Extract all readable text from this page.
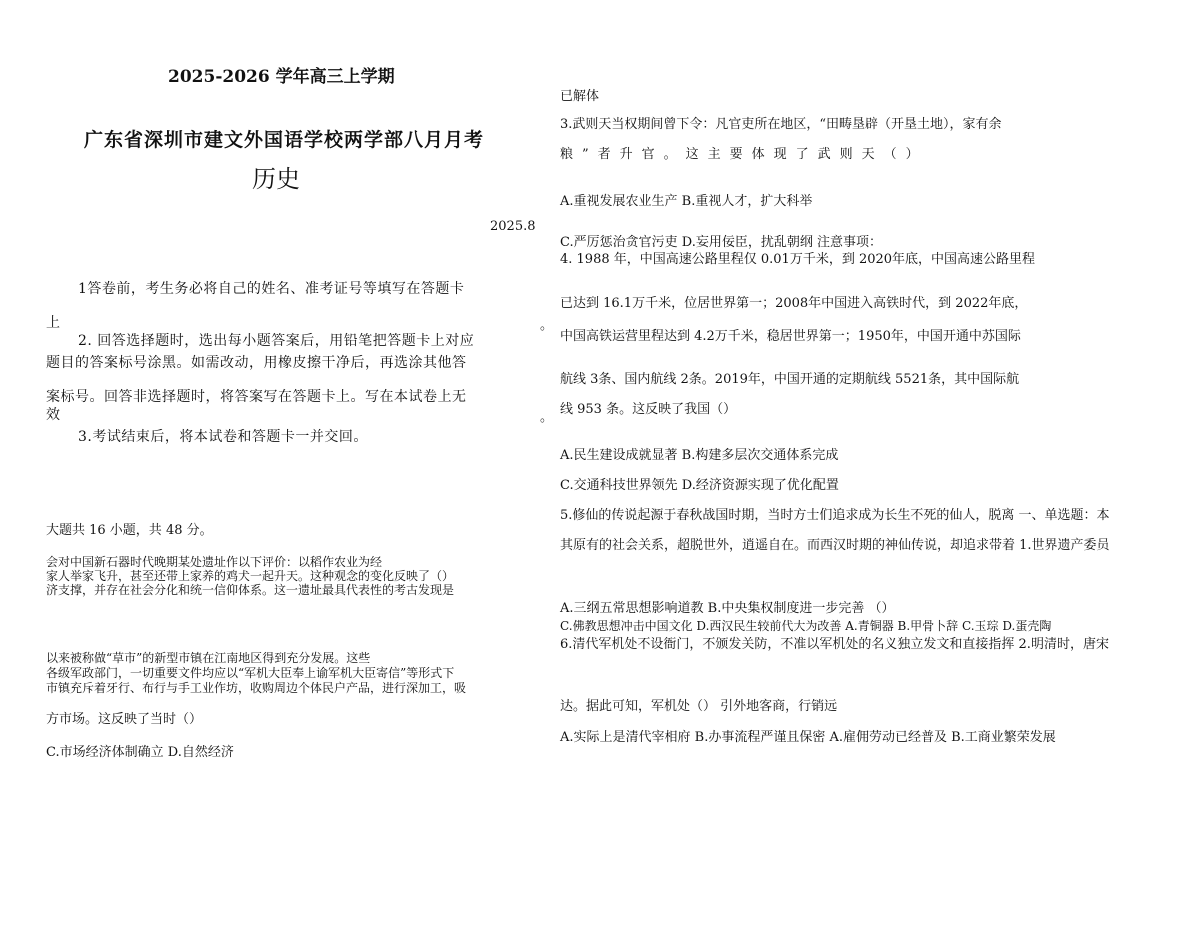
2025-2026 学年高三上学期
广东省深圳市建文外国语学校两学部八月月考
历史
2025.8
1答卷前，考生务必将自己的姓名、准考证号等填写在答题卡
上	。
2. 回答选择题时，选出每小题答案后，用铅笔把答题卡上对应
题目的答案标号涂黑。如需改动，用橡皮擦干净后，再选涂其他答
案标号。回答非选择题时，将答案写在答题卡上。写在本试卷上无
效	。
3.考试结束后，将本试卷和答题卡一并交回。
大题共 16 小题，共 48 分。
会对中国新石器时代晚期某处遗址作以下评价：以稻作农业为经
家人举家飞升，甚至还带上家养的鸡犬一起升天。这种观念的变化反映了（）
济支撑，并存在社会分化和统一信仰体系。这一遗址最具代表性的考古发现是
以来被称做“草市”的新型市镇在江南地区得到充分发展。这些
各级军政部门，一切重要文件均应以“军机大臣奉上谕军机大臣寄信”等形式下
市镇充斥着牙行、布行与手工业作坊，收购周边个体民户产品，进行深加工，吸
方市场。这反映了当时（）
C.市场经济体制确立 D.自然经济
已解体
3.武则天当权期间曾下令：凡官吏所在地区，“田畴垦辟（开垦土地），家有余
粮”者升官。这主要体现了武则天（）
A.重视发展农业生产 B.重视人才，扩大科举
C.严厉惩治贪官污吏 D.妄用佞臣，扰乱朝纲 注意事项：
4. 1988 年，中国高速公路里程仅 0.01万千米，到 2020年底，中国高速公路里程
已达到 16.1万千米，位居世界第一；2008年中国进入高铁时代，到 2022年底，
中国高铁运营里程达到 4.2万千米，稳居世界第一；1950年，中国开通中苏国际
航线 3条、国内航线 2条。2019年，中国开通的定期航线 5521条，其中国际航
线 953 条。这反映了我国（）
A.民生建设成就显著 B.构建多层次交通体系完成
C.交通科技世界领先 D.经济资源实现了优化配置
5.修仙的传说起源于春秋战国时期，当时方士们追求成为长生不死的仙人，脱离 一、单选题：本
其原有的社会关系，超脱世外，逍遥自在。而西汉时期的神仙传说，却追求带着 1.世界遗产委员
A.三纲五常思想影响道教 B.中央集权制度进一步完善 （）
C.佛教思想冲击中国文化 D.西汉民生较前代大为改善 A.青铜器 B.甲骨卜辞 C.玉琮 D.蛋壳陶
6.清代军机处不设衙门，不颁发关防，不准以军机处的名义独立发文和直接指挥 2.明清时，唐宋
达。据此可知，军机处（） 引外地客商，行销远
A.实际上是清代宰相府 B.办事流程严谨且保密 A.雇佣劳动已经普及 B.工商业繁荣发展
